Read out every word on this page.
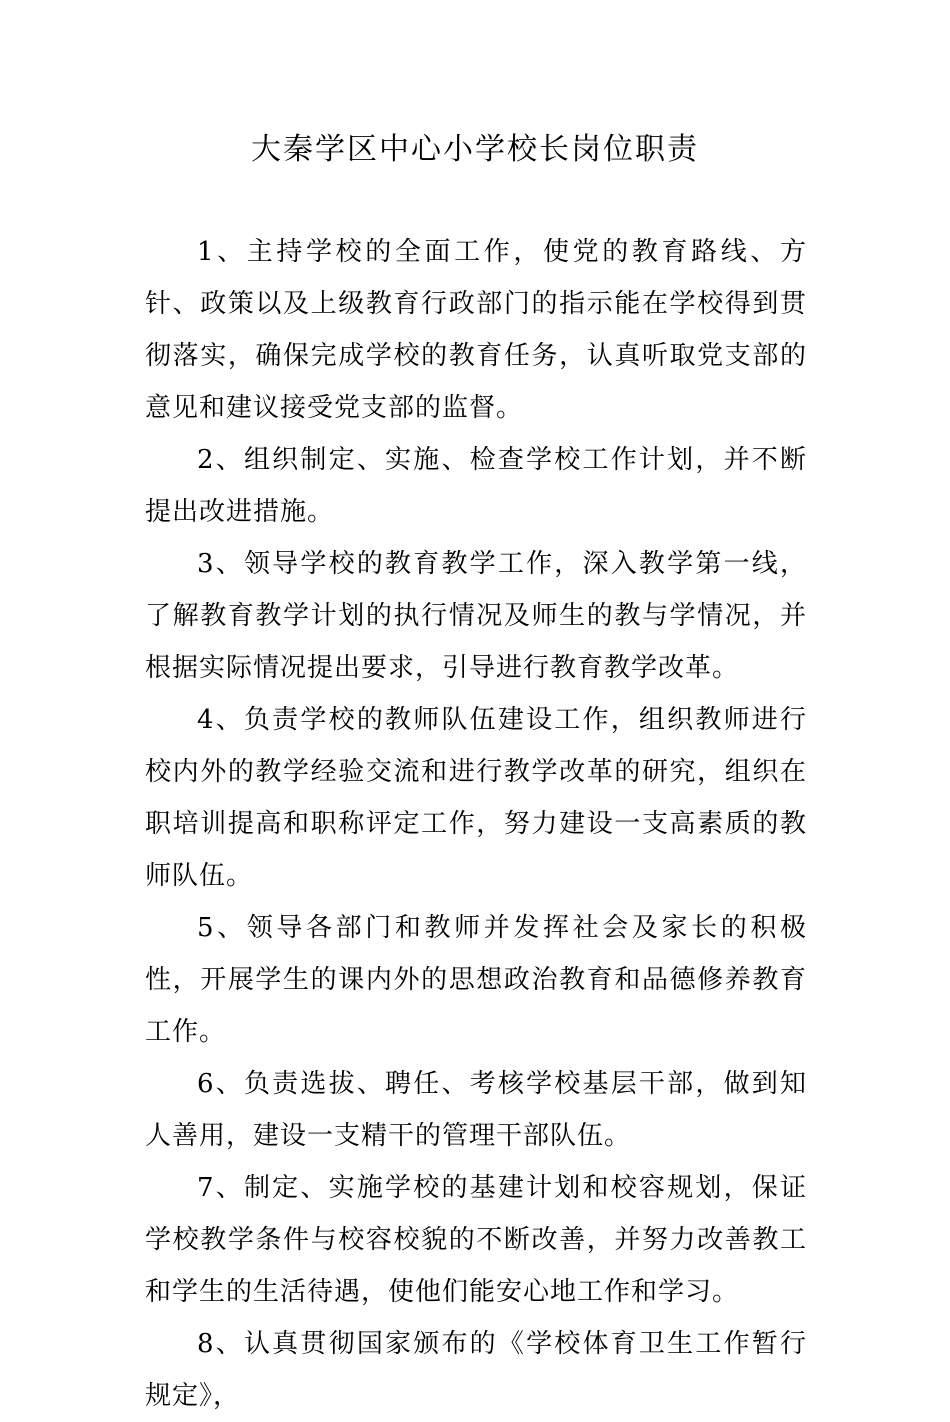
大秦学区中心小学校长岗位职责

1、主持学校的全面工作，使党的教育路线、方针、政策以及上级教育行政部门的指示能在学校得到贯彻落实，确保完成学校的教育任务，认真听取党支部的意见和建议接受党支部的监督。

2、组织制定、实施、检查学校工作计划，并不断提出改进措施。

3、领导学校的教育教学工作，深入教学第一线，了解教育教学计划的执行情况及师生的教与学情况，并根据实际情况提出要求，引导进行教育教学改革。

4、负责学校的教师队伍建设工作，组织教师进行校内外的教学经验交流和进行教学改革的研究，组织在职培训提高和职称评定工作，努力建设一支高素质的教师队伍。

5、领导各部门和教师并发挥社会及家长的积极性，开展学生的课内外的思想政治教育和品德修养教育工作。

6、负责选拔、聘任、考核学校基层干部，做到知人善用，建设一支精干的管理干部队伍。

7、制定、实施学校的基建计划和校容规划，保证学校教学条件与校容校貌的不断改善，并努力改善教工和学生的生活待遇，使他们能安心地工作和学习。

8、认真贯彻国家颁布的《学校体育卫生工作暂行规定》，
